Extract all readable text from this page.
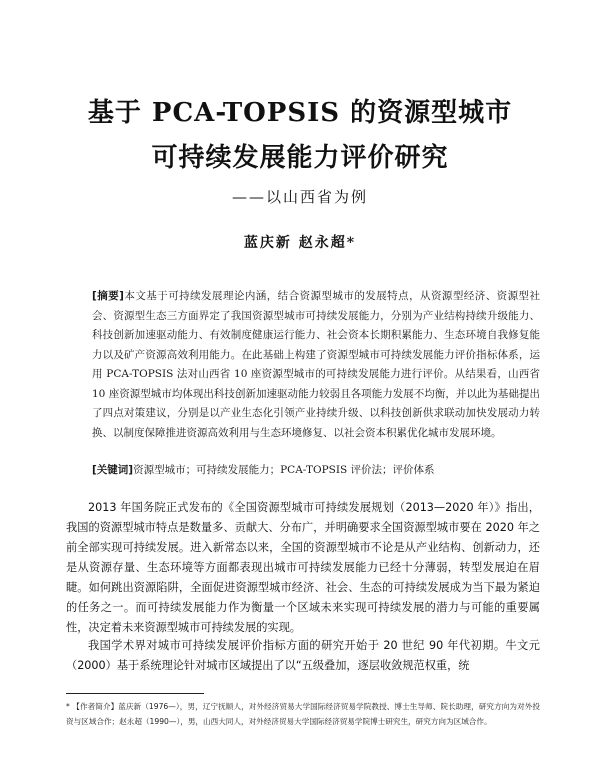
基于 PCA-TOPSIS 的资源型城市
可持续发展能力评价研究
——以山西省为例
蓝庆新 赵永超*
[摘要]本文基于可持续发展理论内涵，结合资源型城市的发展特点，从资源型经济、资源型社会、资源型生态三方面界定了我国资源型城市可持续发展能力，分别为产业结构持续升级能力、科技创新加速驱动能力、有效制度健康运行能力、社会资本长期积累能力、生态环境自我修复能力以及矿产资源高效利用能力。在此基础上构建了资源型城市可持续发展能力评价指标体系，运用 PCA-TOPSIS 法对山西省 10 座资源型城市的可持续发展能力进行评价。从结果看，山西省 10 座资源型城市均体现出科技创新加速驱动能力较弱且各项能力发展不均衡，并以此为基础提出了四点对策建议，分别是以产业生态化引领产业持续升级、以科技创新供求联动加快发展动力转换、以制度保障推进资源高效利用与生态环境修复、以社会资本积累优化城市发展环境。
[关键词]资源型城市；可持续发展能力；PCA-TOPSIS 评价法；评价体系

2013 年国务院正式发布的《全国资源型城市可持续发展规划（2013—2020 年）》指出，我国的资源型城市特点是数量多、贡献大、分布广，并明确要求全国资源型城市要在 2020 年之前全部实现可持续发展。进入新常态以来，全国的资源型城市不论是从产业结构、创新动力，还是从资源存量、生态环境等方面都表现出城市可持续发展能力已经十分薄弱，转型发展迫在眉睫。如何跳出资源陷阱，全面促进资源型城市经济、社会、生态的可持续发展成为当下最为紧迫的任务之一。而可持续发展能力作为衡量一个区域未来实现可持续发展的潜力与可能的重要属性，决定着未来资源型城市可持续发展的实现。

我国学术界对城市可持续发展评价指标方面的研究开始于 20 世纪 90 年代初期。牛文元（2000）基于系统理论针对城市区域提出了以“五级叠加，逐层收敛规范权重，统

* 【作者简介】蓝庆新（1976—），男，辽宁抚顺人，对外经济贸易大学国际经济贸易学院教授、博士生导师、院长助理，研究方向为对外投资与区域合作；赵永超（1990—），男，山西大同人，对外经济贸易大学国际经济贸易学院博士研究生，研究方向为区域合作。
